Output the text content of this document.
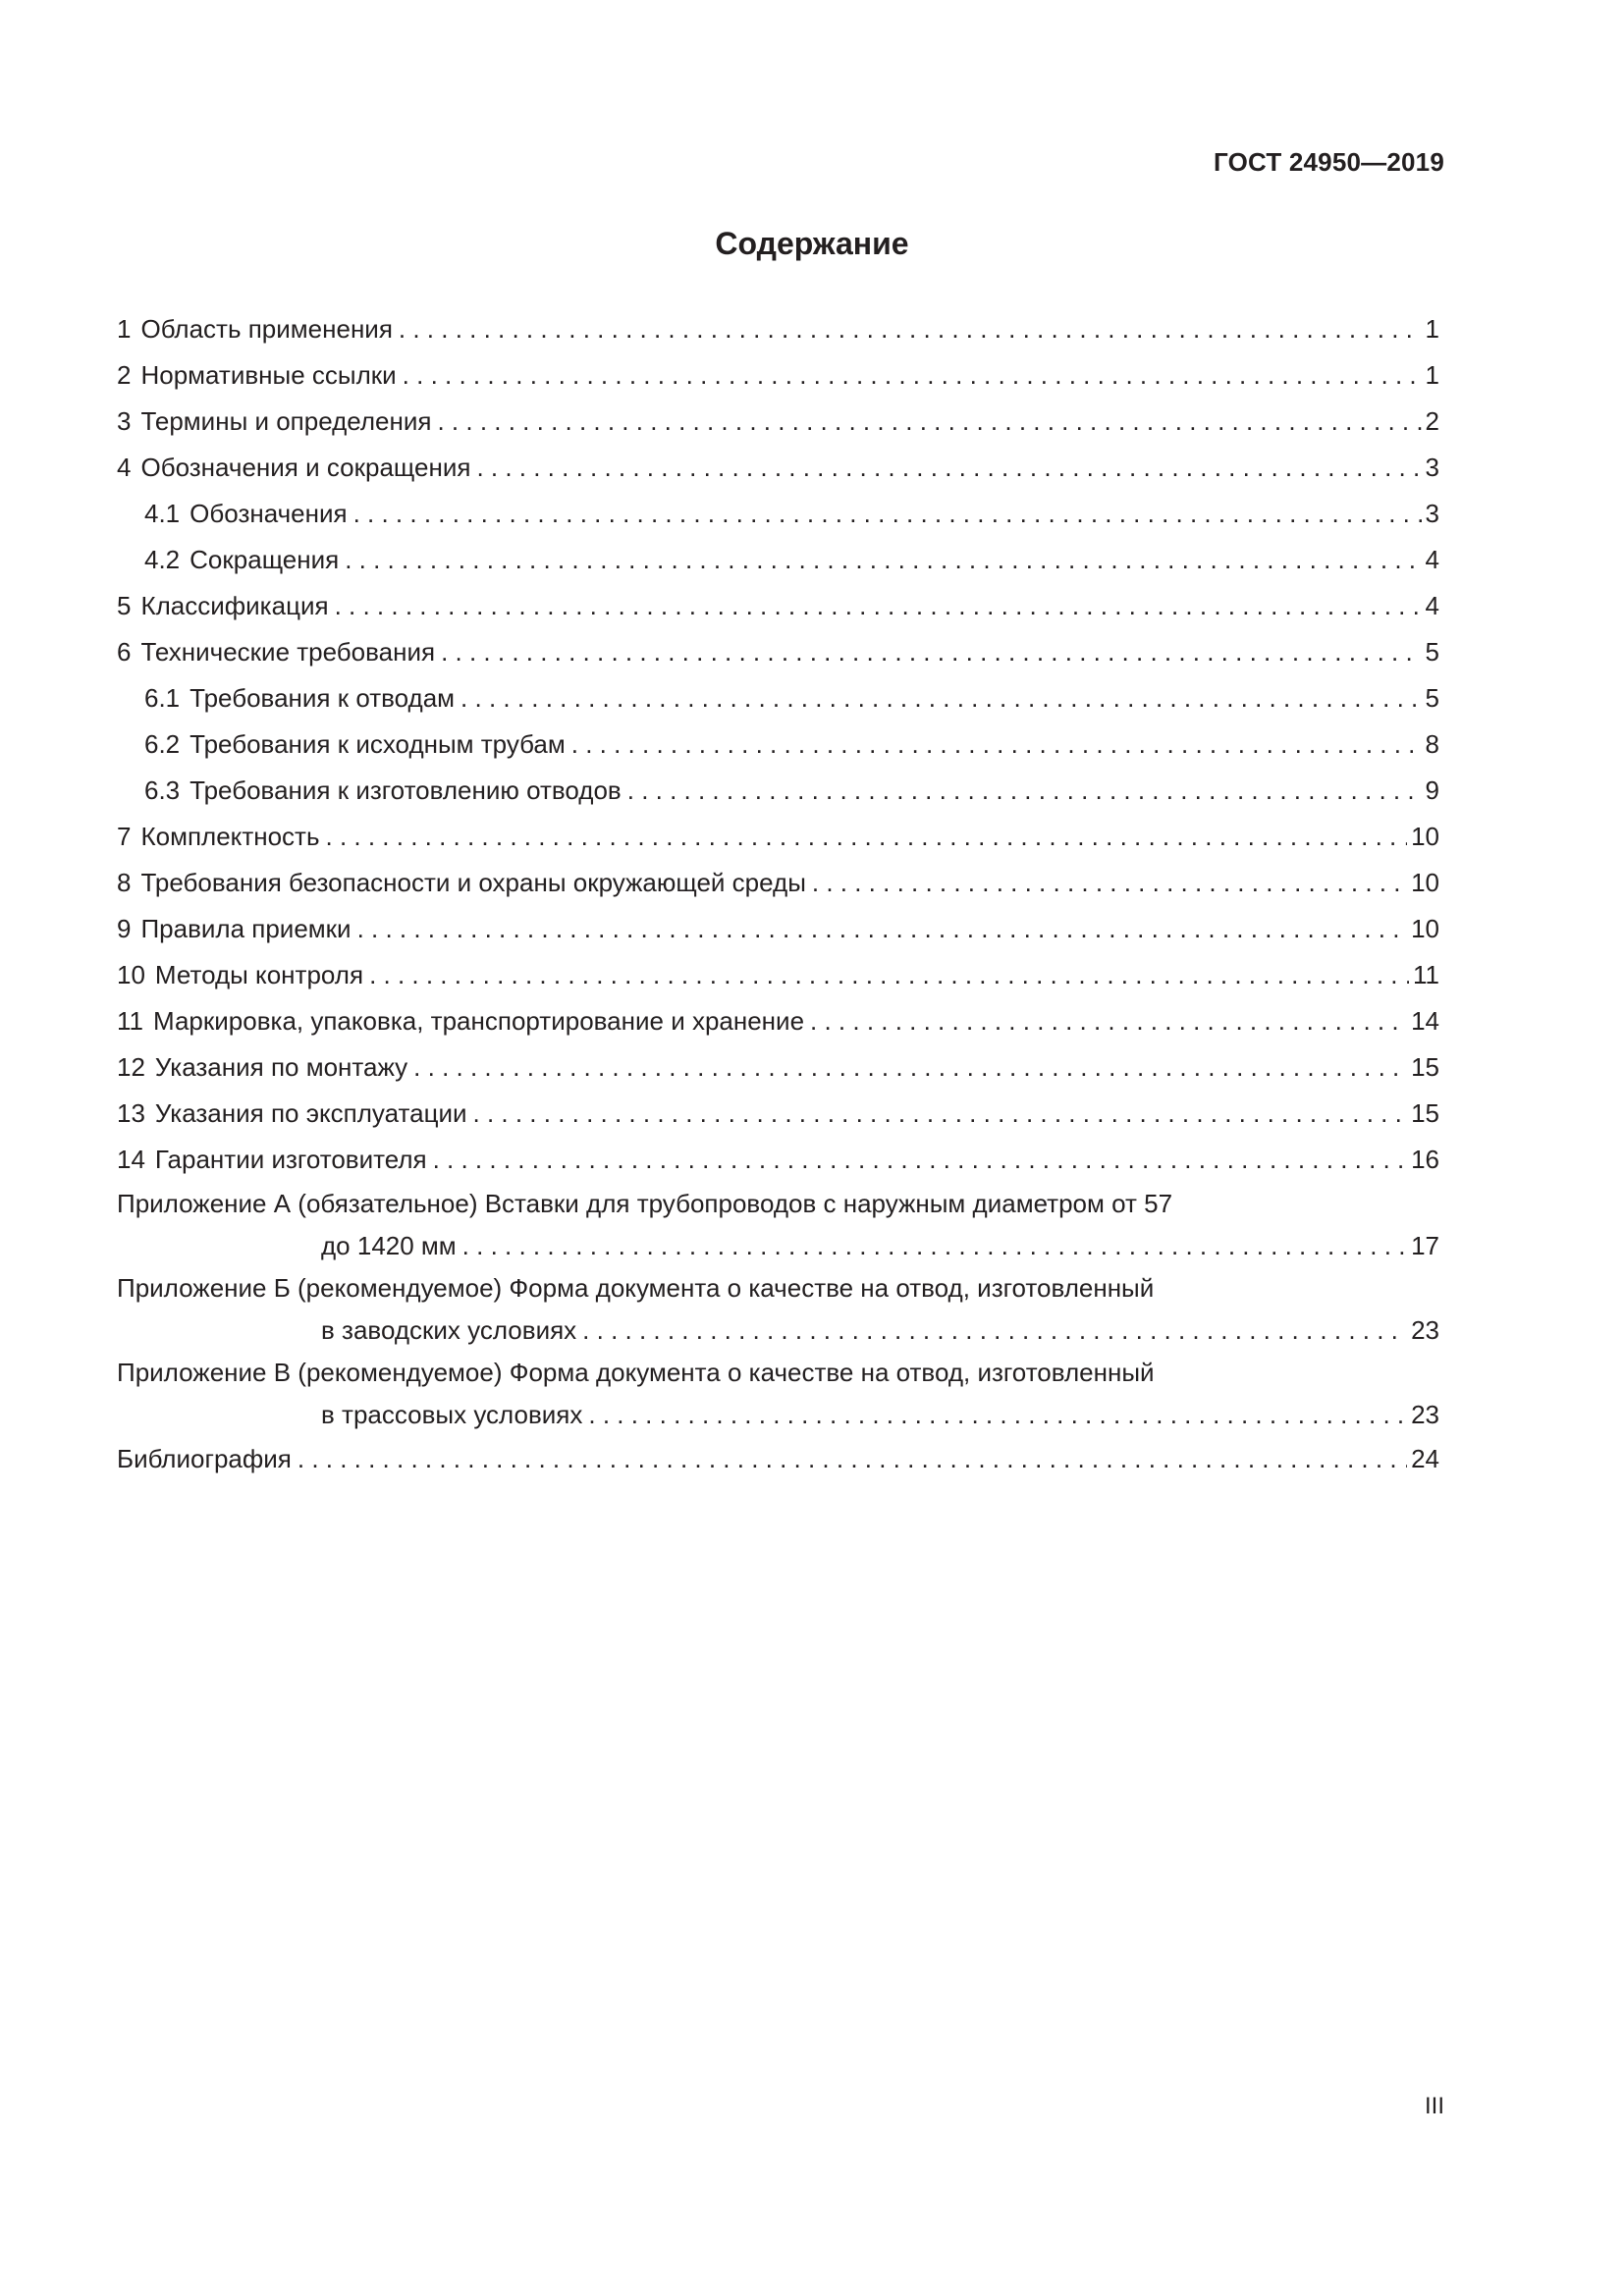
ГОСТ 24950—2019
Содержание
1 Область применения . . .	1
2 Нормативные ссылки . . .	1
3 Термины и определения . . .	2
4 Обозначения и сокращения . . .	3
4.1 Обозначения . . .	3
4.2 Сокращения . . .	4
5 Классификация . . .	4
6 Технические требования . . .	5
6.1 Требования к отводам . . .	5
6.2 Требования к исходным трубам . . .	8
6.3 Требования к изготовлению отводов . . .	9
7 Комплектность . . .	10
8 Требования безопасности и охраны окружающей среды . . .	10
9 Правила приемки . . .	10
10 Методы контроля . . .	11
11 Маркировка, упаковка, транспортирование и хранение . . .	14
12 Указания по монтажу . . .	15
13 Указания по эксплуатации . . .	15
14 Гарантии изготовителя . . .	16
Приложение А (обязательное) Вставки для трубопроводов с наружным диаметром от 57
до 1420 мм . . .	17
Приложение Б (рекомендуемое) Форма документа о качестве на отвод, изготовленный
в заводских условиях . . .	23
Приложение В (рекомендуемое) Форма документа о качестве на отвод, изготовленный
в трассовых условиях . . .	23
Библиография . . .	24
III
